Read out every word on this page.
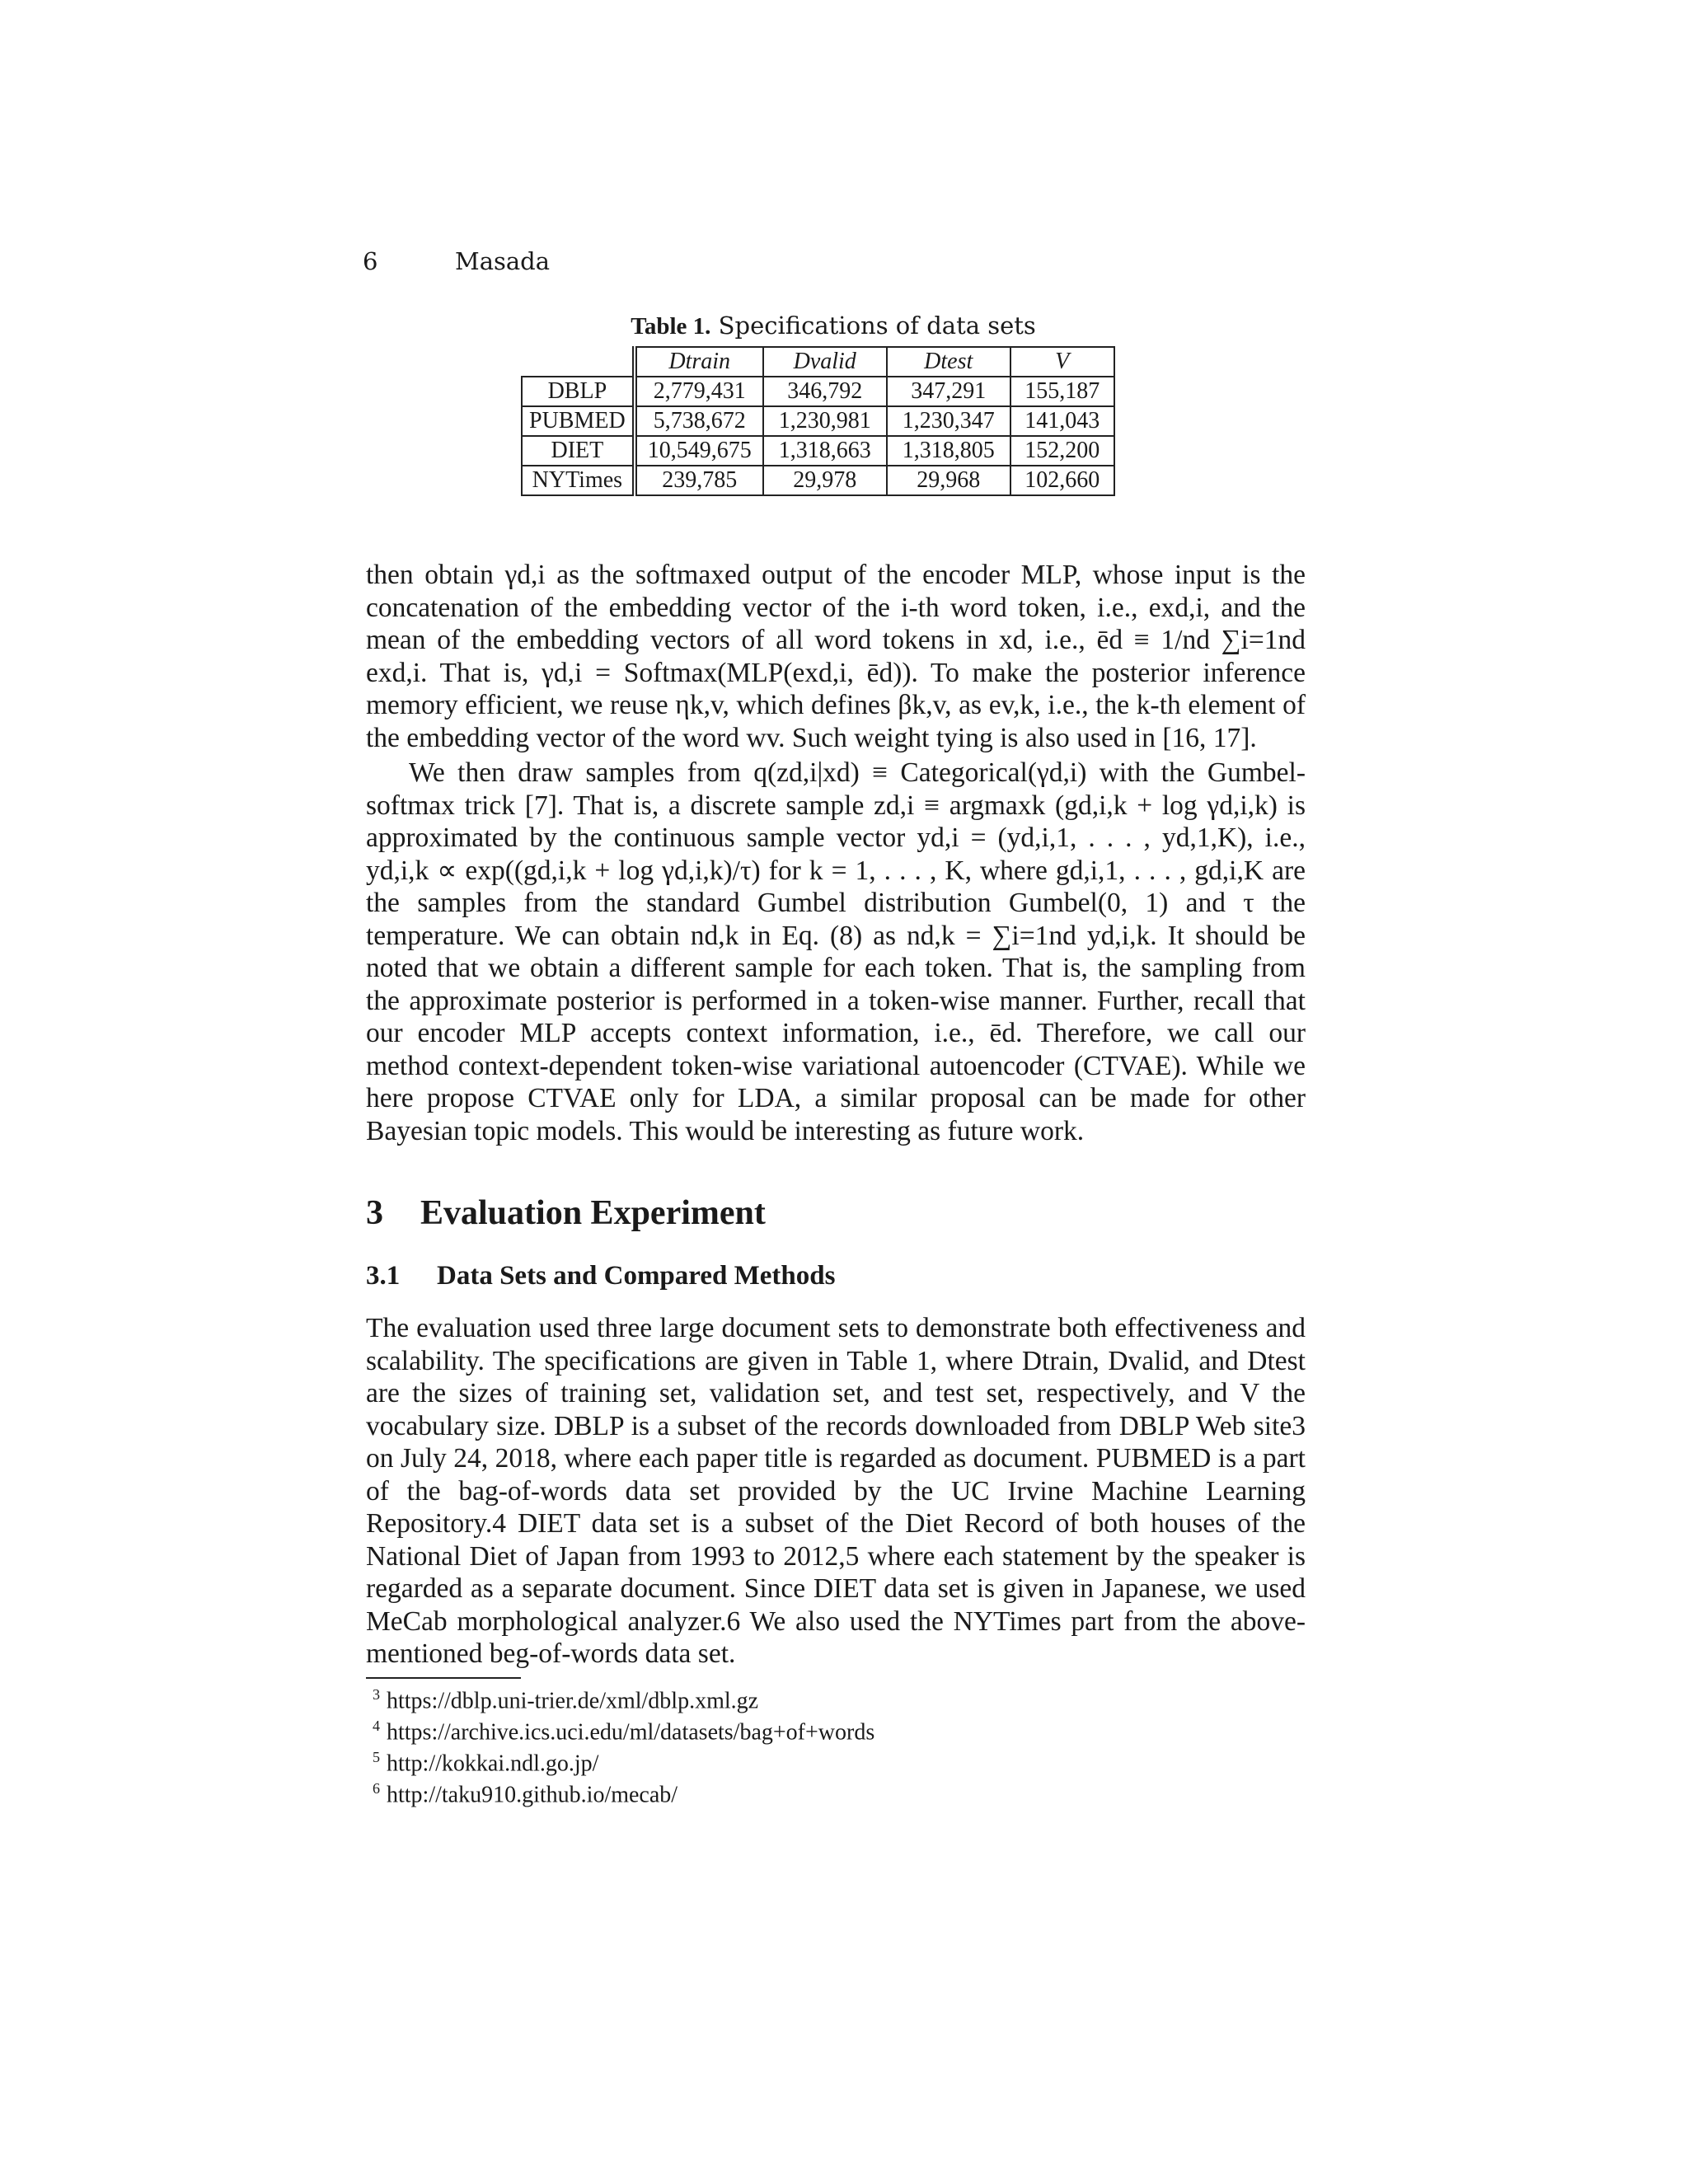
6	Masada
Table 1. Specifications of data sets
	Dtrain	Dvalid	Dtest	V
DBLP	2,779,431	346,792	347,291	155,187
PUBMED	5,738,672	1,230,981	1,230,347	141,043
DIET	10,549,675	1,318,663	1,318,805	152,200
NYTimes	239,785	29,978	29,968	102,660

then obtain γd,i as the softmaxed output of the encoder MLP, whose input is the concatenation of the embedding vector of the i-th word token, i.e., exd,i, and the mean of the embedding vectors of all word tokens in xd, i.e., ēd ≡ 1/nd ∑i=1nd exd,i. That is, γd,i = Softmax(MLP(exd,i, ēd)). To make the posterior inference memory efficient, we reuse ηk,v, which defines βk,v, as ev,k, i.e., the k-th element of the embedding vector of the word wv. Such weight tying is also used in [16, 17].

We then draw samples from q(zd,i|xd) ≡ Categorical(γd,i) with the Gumbel-softmax trick [7]. That is, a discrete sample zd,i ≡ argmaxk (gd,i,k + log γd,i,k) is approximated by the continuous sample vector yd,i = (yd,i,1, . . . , yd,1,K), i.e., yd,i,k ∝ exp((gd,i,k + log γd,i,k)/τ) for k = 1, . . . , K, where gd,i,1, . . . , gd,i,K are the samples from the standard Gumbel distribution Gumbel(0, 1) and τ the temperature. We can obtain nd,k in Eq. (8) as nd,k = ∑i=1nd yd,i,k. It should be noted that we obtain a different sample for each token. That is, the sampling from the approximate posterior is performed in a token-wise manner. Further, recall that our encoder MLP accepts context information, i.e., ēd. Therefore, we call our method context-dependent token-wise variational autoencoder (CTVAE). While we here propose CTVAE only for LDA, a similar proposal can be made for other Bayesian topic models. This would be interesting as future work.

3 Evaluation Experiment
3.1 Data Sets and Compared Methods

The evaluation used three large document sets to demonstrate both effectiveness and scalability. The specifications are given in Table 1, where Dtrain, Dvalid, and Dtest are the sizes of training set, validation set, and test set, respectively, and V the vocabulary size. DBLP is a subset of the records downloaded from DBLP Web site3 on July 24, 2018, where each paper title is regarded as document. PUBMED is a part of the bag-of-words data set provided by the UC Irvine Machine Learning Repository.4 DIET data set is a subset of the Diet Record of both houses of the National Diet of Japan from 1993 to 2012,5 where each statement by the speaker is regarded as a separate document. Since DIET data set is given in Japanese, we used MeCab morphological analyzer.6 We also used the NYTimes part from the above-mentioned beg-of-words data set.

$^3$ https://dblp.uni-trier.de/xml/dblp.xml.gz
$^4$ https://archive.ics.uci.edu/ml/datasets/bag+of+words
$^5$ http://kokkai.ndl.go.jp/
$^6$ http://taku910.github.io/mecab/
